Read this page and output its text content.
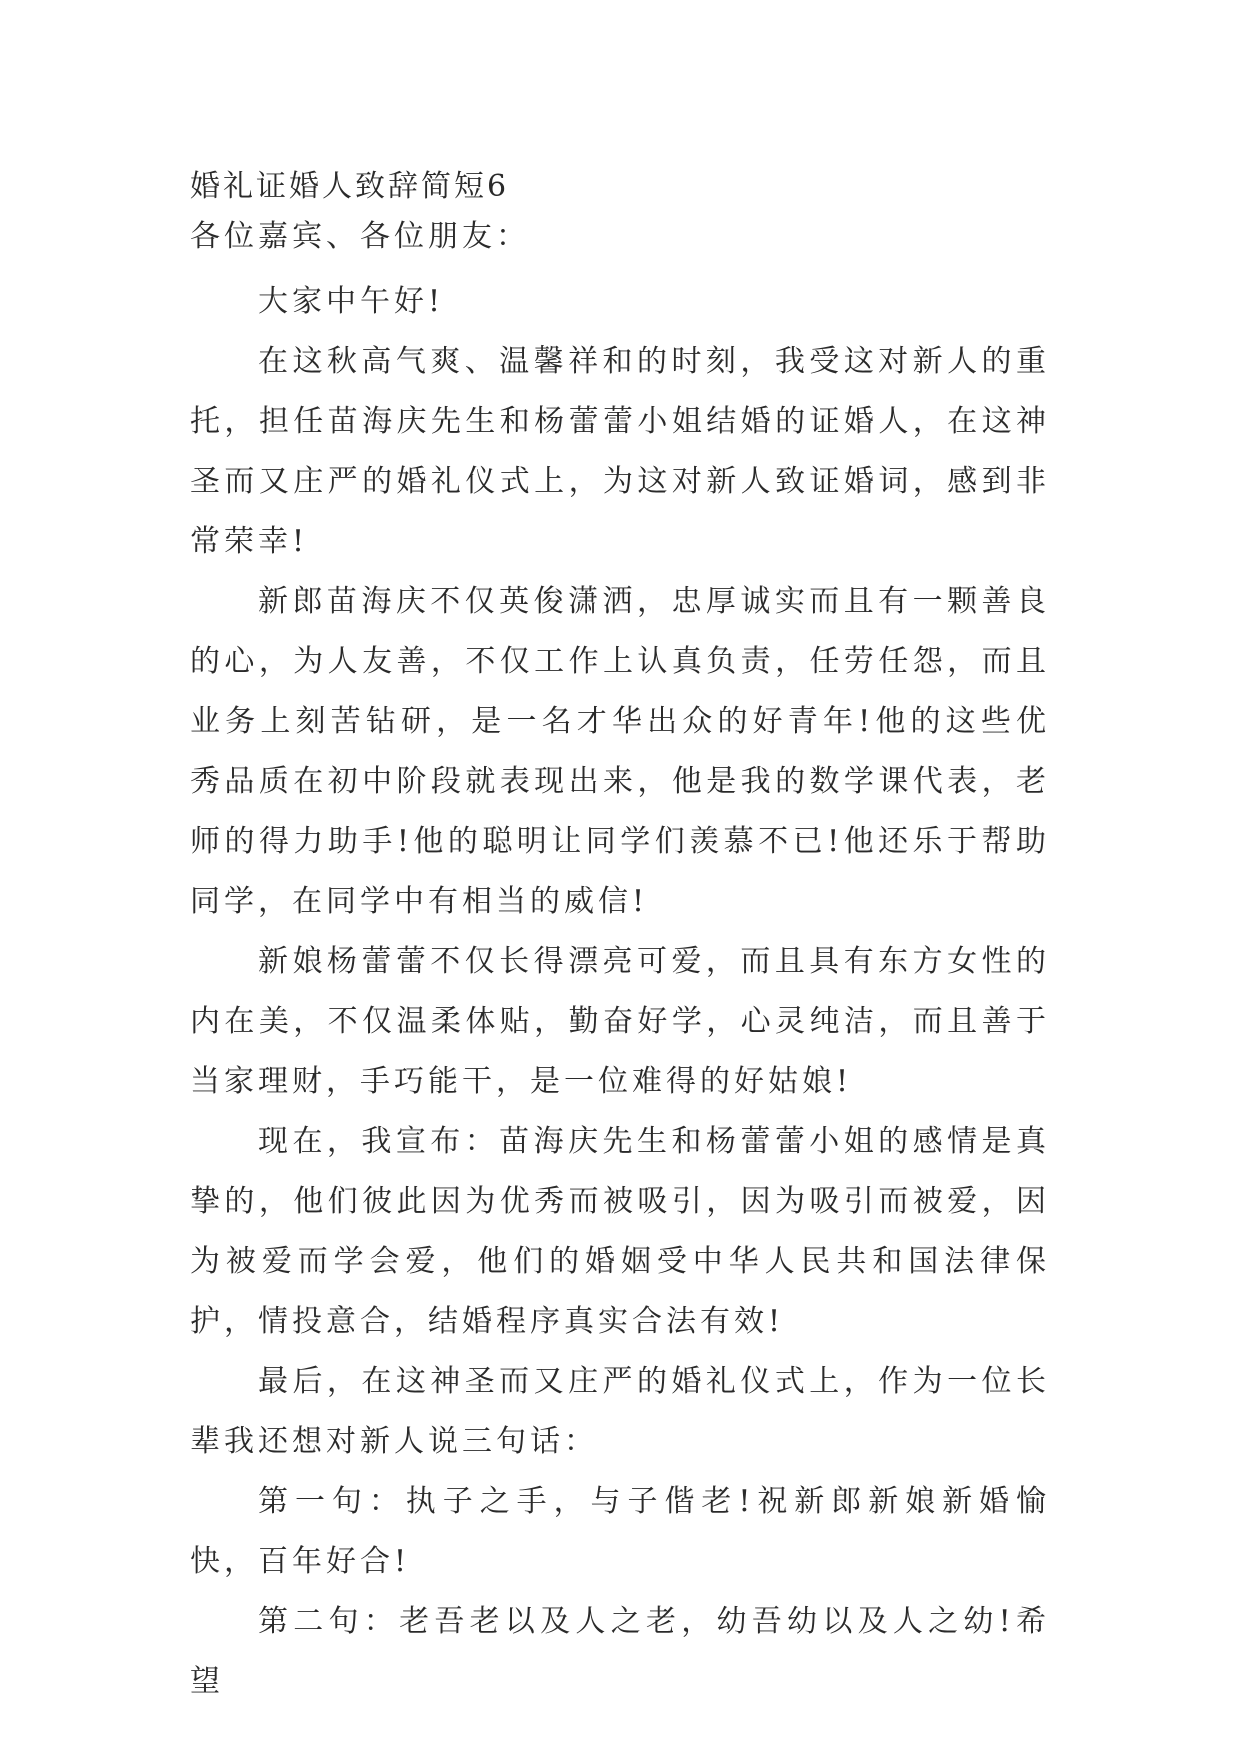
婚礼证婚人致辞简短6

各位嘉宾、各位朋友：

大家中午好!

在这秋高气爽、温馨祥和的时刻，我受这对新人的重托，担任苗海庆先生和杨蕾蕾小姐结婚的证婚人，在这神圣而又庄严的婚礼仪式上，为这对新人致证婚词，感到非常荣幸!

新郎苗海庆不仅英俊潇洒，忠厚诚实而且有一颗善良的心，为人友善，不仅工作上认真负责，任劳任怨，而且业务上刻苦钻研，是一名才华出众的好青年!他的这些优秀品质在初中阶段就表现出来，他是我的数学课代表，老师的得力助手!他的聪明让同学们羡慕不已!他还乐于帮助同学，在同学中有相当的威信!

新娘杨蕾蕾不仅长得漂亮可爱，而且具有东方女性的内在美，不仅温柔体贴，勤奋好学，心灵纯洁，而且善于当家理财，手巧能干，是一位难得的好姑娘!

现在，我宣布：苗海庆先生和杨蕾蕾小姐的感情是真挚的，他们彼此因为优秀而被吸引，因为吸引而被爱，因为被爱而学会爱，他们的婚姻受中华人民共和国法律保护，情投意合，结婚程序真实合法有效!

最后，在这神圣而又庄严的婚礼仪式上，作为一位长辈我还想对新人说三句话：

第一句：执子之手，与子偕老!祝新郎新娘新婚愉快，百年好合!

第二句：老吾老以及人之老，幼吾幼以及人之幼!希望
